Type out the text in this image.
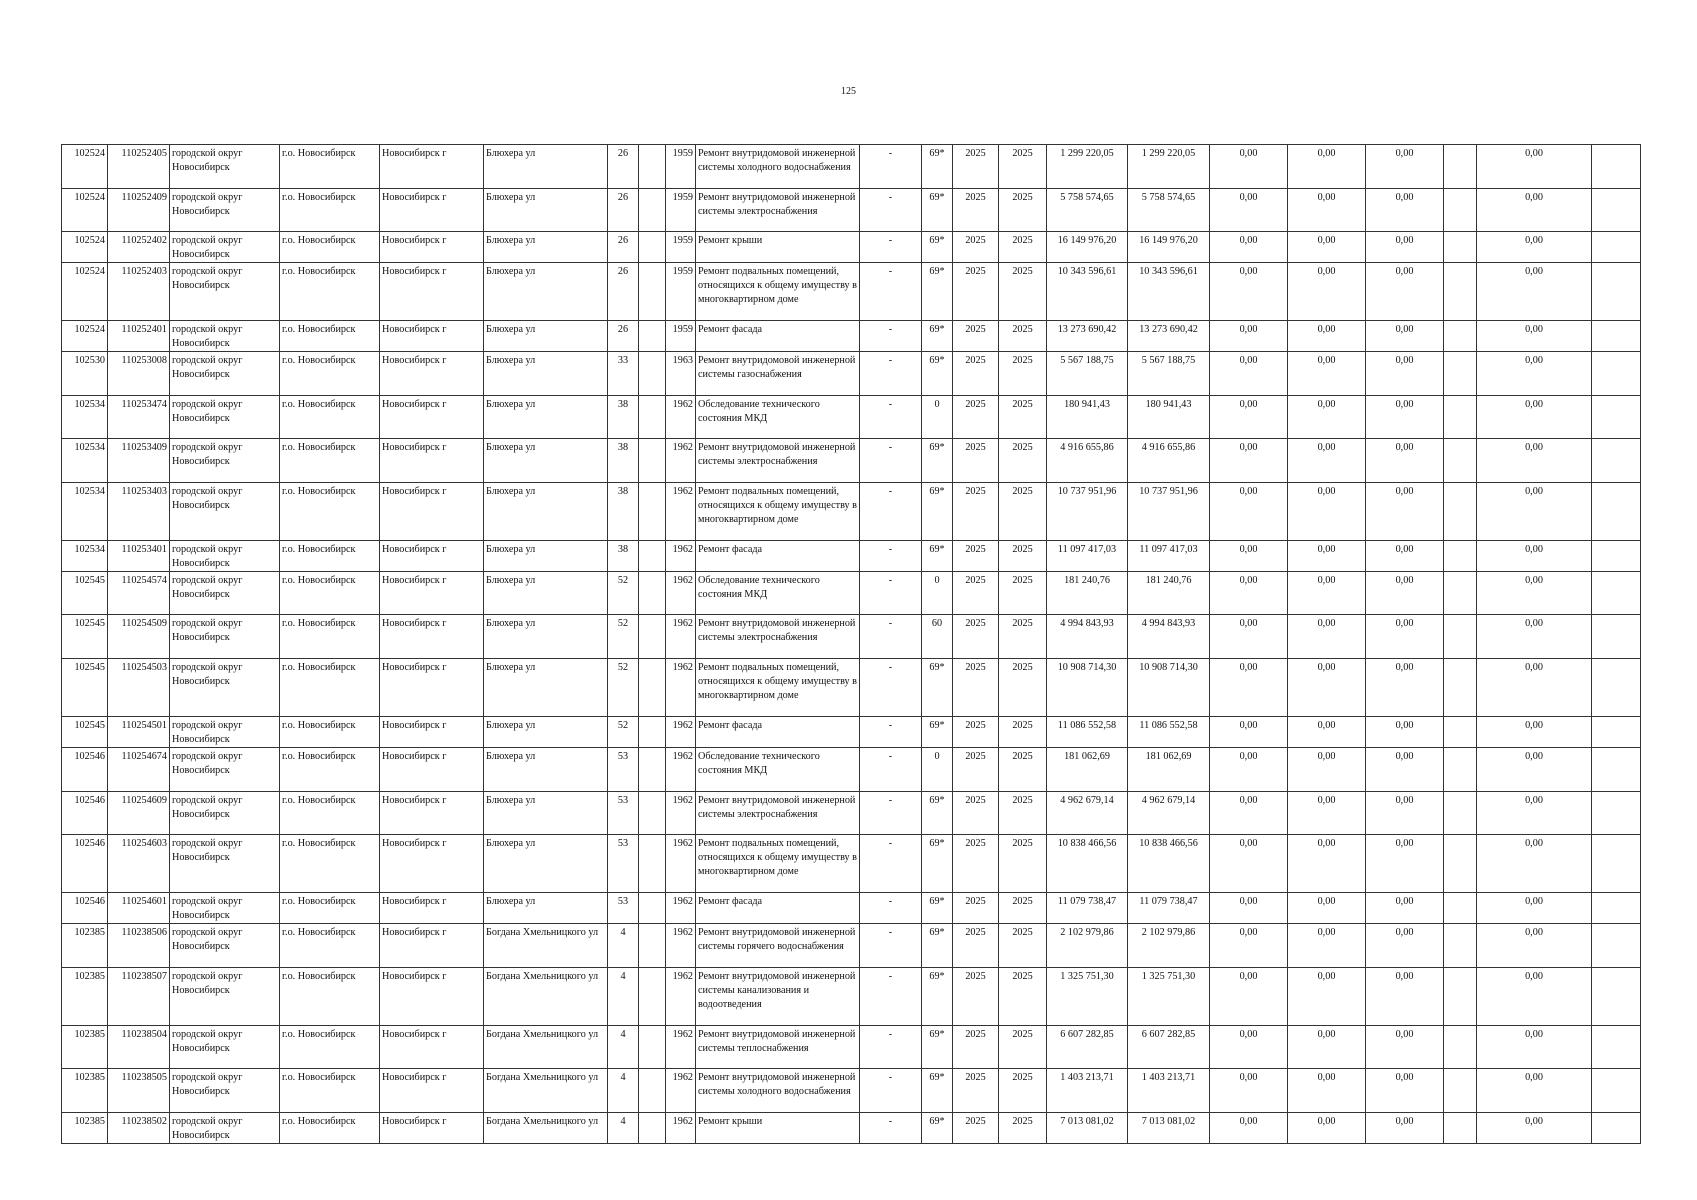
125
102524	110252405	городской округ Новосибирск	г.о. Новосибирск	Новосибирск г	Блюхера ул	26		1959	Ремонт внутридомовой инженерной системы холодного водоснабжения	-	69*	2025	2025	1 299 220,05	1 299 220,05	0,00	0,00	0,00		0,00	
102524	110252409	городской округ Новосибирск	г.о. Новосибирск	Новосибирск г	Блюхера ул	26		1959	Ремонт внутридомовой инженерной системы электроснабжения	-	69*	2025	2025	5 758 574,65	5 758 574,65	0,00	0,00	0,00		0,00	
102524	110252402	городской округ Новосибирск	г.о. Новосибирск	Новосибирск г	Блюхера ул	26		1959	Ремонт крыши	-	69*	2025	2025	16 149 976,20	16 149 976,20	0,00	0,00	0,00		0,00	
102524	110252403	городской округ Новосибирск	г.о. Новосибирск	Новосибирск г	Блюхера ул	26		1959	Ремонт подвальных помещений, относящихся к общему имуществу в многоквартирном доме	-	69*	2025	2025	10 343 596,61	10 343 596,61	0,00	0,00	0,00		0,00	
102524	110252401	городской округ Новосибирск	г.о. Новосибирск	Новосибирск г	Блюхера ул	26		1959	Ремонт фасада	-	69*	2025	2025	13 273 690,42	13 273 690,42	0,00	0,00	0,00		0,00	
102530	110253008	городской округ Новосибирск	г.о. Новосибирск	Новосибирск г	Блюхера ул	33		1963	Ремонт внутридомовой инженерной системы газоснабжения	-	69*	2025	2025	5 567 188,75	5 567 188,75	0,00	0,00	0,00		0,00	
102534	110253474	городской округ Новосибирск	г.о. Новосибирск	Новосибирск г	Блюхера ул	38		1962	Обследование технического состояния МКД	-	0	2025	2025	180 941,43	180 941,43	0,00	0,00	0,00		0,00	
102534	110253409	городской округ Новосибирск	г.о. Новосибирск	Новосибирск г	Блюхера ул	38		1962	Ремонт внутридомовой инженерной системы электроснабжения	-	69*	2025	2025	4 916 655,86	4 916 655,86	0,00	0,00	0,00		0,00	
102534	110253403	городской округ Новосибирск	г.о. Новосибирск	Новосибирск г	Блюхера ул	38		1962	Ремонт подвальных помещений, относящихся к общему имуществу в многоквартирном доме	-	69*	2025	2025	10 737 951,96	10 737 951,96	0,00	0,00	0,00		0,00	
102534	110253401	городской округ Новосибирск	г.о. Новосибирск	Новосибирск г	Блюхера ул	38		1962	Ремонт фасада	-	69*	2025	2025	11 097 417,03	11 097 417,03	0,00	0,00	0,00		0,00	
102545	110254574	городской округ Новосибирск	г.о. Новосибирск	Новосибирск г	Блюхера ул	52		1962	Обследование технического состояния МКД	-	0	2025	2025	181 240,76	181 240,76	0,00	0,00	0,00		0,00	
102545	110254509	городской округ Новосибирск	г.о. Новосибирск	Новосибирск г	Блюхера ул	52		1962	Ремонт внутридомовой инженерной системы электроснабжения	-	60	2025	2025	4 994 843,93	4 994 843,93	0,00	0,00	0,00		0,00	
102545	110254503	городской округ Новосибирск	г.о. Новосибирск	Новосибирск г	Блюхера ул	52		1962	Ремонт подвальных помещений, относящихся к общему имуществу в многоквартирном доме	-	69*	2025	2025	10 908 714,30	10 908 714,30	0,00	0,00	0,00		0,00	
102545	110254501	городской округ Новосибирск	г.о. Новосибирск	Новосибирск г	Блюхера ул	52		1962	Ремонт фасада	-	69*	2025	2025	11 086 552,58	11 086 552,58	0,00	0,00	0,00		0,00	
102546	110254674	городской округ Новосибирск	г.о. Новосибирск	Новосибирск г	Блюхера ул	53		1962	Обследование технического состояния МКД	-	0	2025	2025	181 062,69	181 062,69	0,00	0,00	0,00		0,00	
102546	110254609	городской округ Новосибирск	г.о. Новосибирск	Новосибирск г	Блюхера ул	53		1962	Ремонт внутридомовой инженерной системы электроснабжения	-	69*	2025	2025	4 962 679,14	4 962 679,14	0,00	0,00	0,00		0,00	
102546	110254603	городской округ Новосибирск	г.о. Новосибирск	Новосибирск г	Блюхера ул	53		1962	Ремонт подвальных помещений, относящихся к общему имуществу в многоквартирном доме	-	69*	2025	2025	10 838 466,56	10 838 466,56	0,00	0,00	0,00		0,00	
102546	110254601	городской округ Новосибирск	г.о. Новосибирск	Новосибирск г	Блюхера ул	53		1962	Ремонт фасада	-	69*	2025	2025	11 079 738,47	11 079 738,47	0,00	0,00	0,00		0,00	
102385	110238506	городской округ Новосибирск	г.о. Новосибирск	Новосибирск г	Богдана Хмельницкого ул	4		1962	Ремонт внутридомовой инженерной системы горячего водоснабжения	-	69*	2025	2025	2 102 979,86	2 102 979,86	0,00	0,00	0,00		0,00	
102385	110238507	городской округ Новосибирск	г.о. Новосибирск	Новосибирск г	Богдана Хмельницкого ул	4		1962	Ремонт внутридомовой инженерной системы канализования и водоотведения	-	69*	2025	2025	1 325 751,30	1 325 751,30	0,00	0,00	0,00		0,00	
102385	110238504	городской округ Новосибирск	г.о. Новосибирск	Новосибирск г	Богдана Хмельницкого ул	4		1962	Ремонт внутридомовой инженерной системы теплоснабжения	-	69*	2025	2025	6 607 282,85	6 607 282,85	0,00	0,00	0,00		0,00	
102385	110238505	городской округ Новосибирск	г.о. Новосибирск	Новосибирск г	Богдана Хмельницкого ул	4		1962	Ремонт внутридомовой инженерной системы холодного водоснабжения	-	69*	2025	2025	1 403 213,71	1 403 213,71	0,00	0,00	0,00		0,00	
102385	110238502	городской округ Новосибирск	г.о. Новосибирск	Новосибирск г	Богдана Хмельницкого ул	4		1962	Ремонт крыши	-	69*	2025	2025	7 013 081,02	7 013 081,02	0,00	0,00	0,00		0,00	
